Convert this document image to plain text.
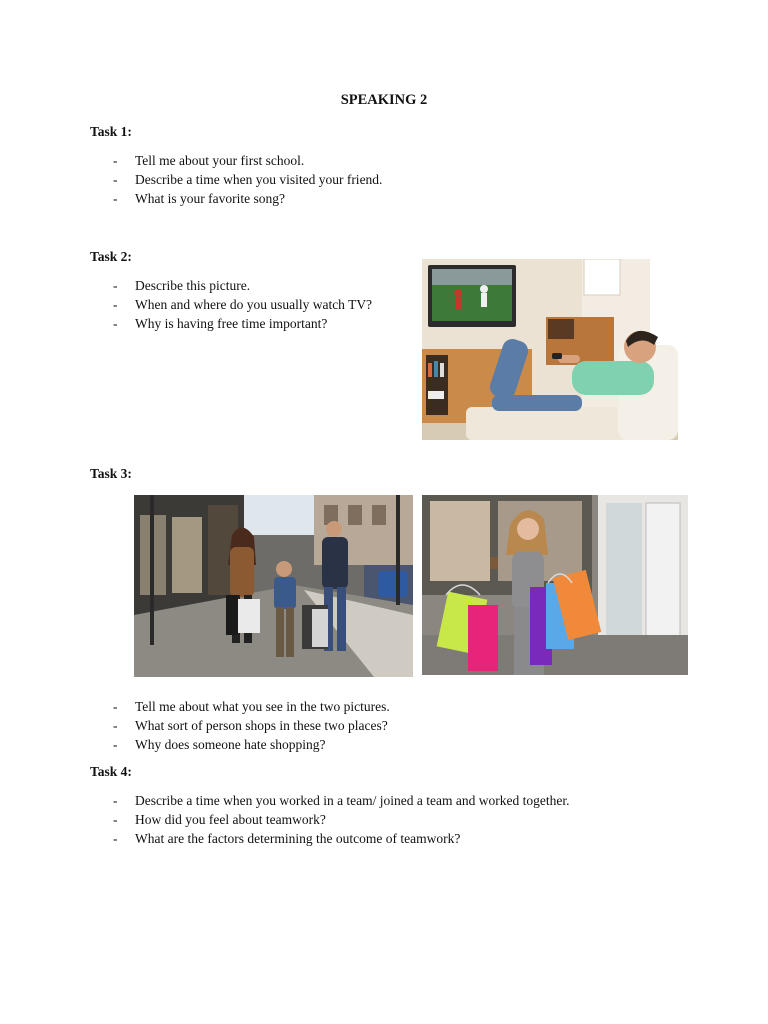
SPEAKING 2
Task 1:
- Tell me about your first school.
- Describe a time when you visited your friend.
- What is your favorite song?
Task 2:
- Describe this picture.
- When and where do you usually watch TV?
- Why is having free time important?
Task 3:
- Tell me about what you see in the two pictures.
- What sort of person shops in these two places?
- Why does someone hate shopping?
Task 4:
- Describe a time when you worked in a team/ joined a team and worked together.
- How did you feel about teamwork?
- What are the factors determining the outcome of teamwork?
